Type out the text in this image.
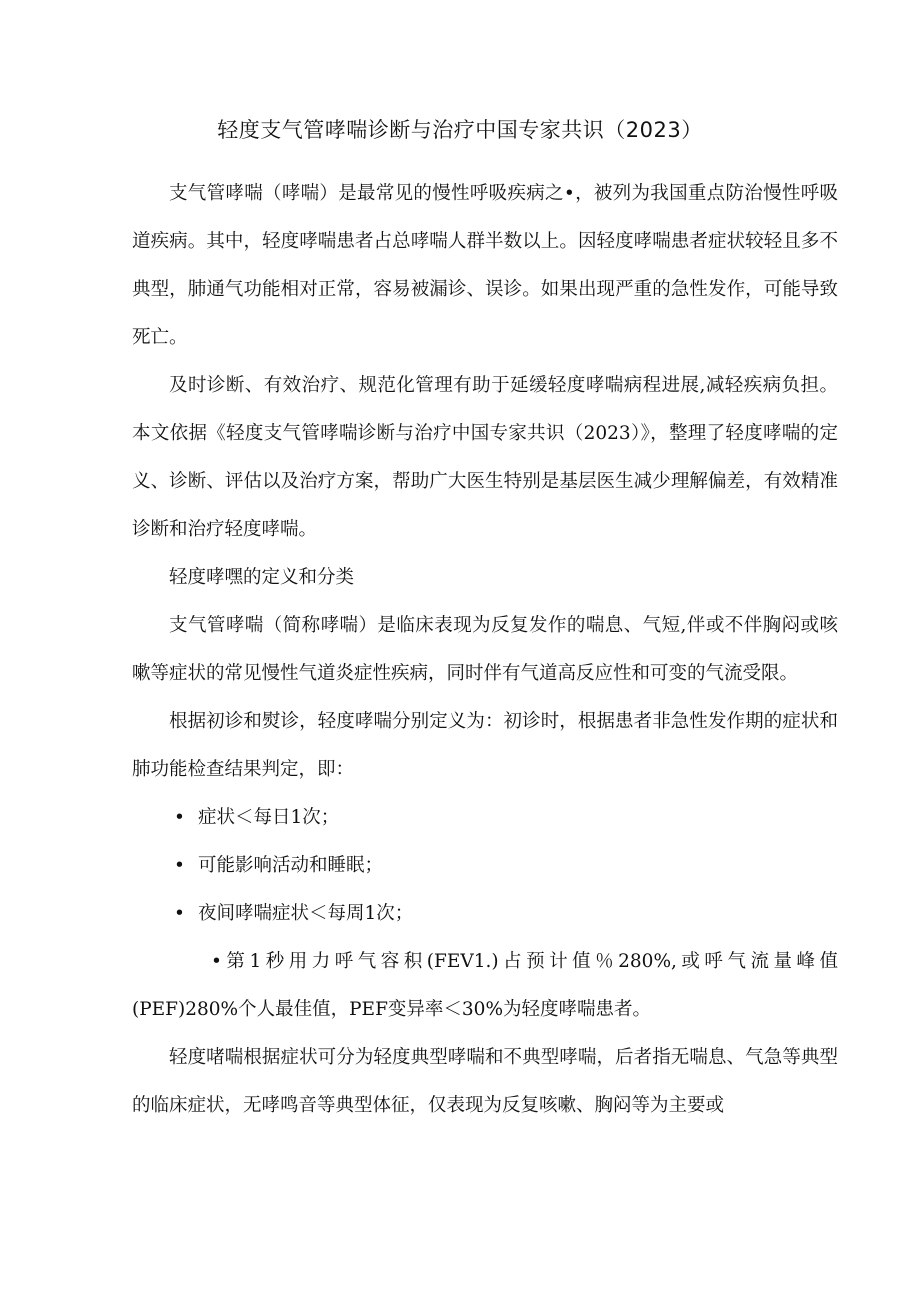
轻度支气管哮喘诊断与治疗中国专家共识（2023）

支气管哮喘（哮喘）是最常见的慢性呼吸疾病之•，被列为我国重点防治慢性呼吸道疾病。其中，轻度哮喘患者占总哮喘人群半数以上。因轻度哮喘患者症状较轻且多不典型，肺通气功能相对正常，容易被漏诊、误诊。如果出现严重的急性发作，可能导致死亡。

及时诊断、有效治疗、规范化管理有助于延缓轻度哮喘病程进展,减轻疾病负担。本文依据《轻度支气管哮喘诊断与治疗中国专家共识（2023）》，整理了轻度哮喘的定义、诊断、评估以及治疗方案，帮助广大医生特别是基层医生减少理解偏差，有效精准诊断和治疗轻度哮喘。

轻度哮嘿的定义和分类

支气管哮喘（简称哮喘）是临床表现为反复发作的喘息、气短,伴或不伴胸闷或咳嗽等症状的常见慢性气道炎症性疾病，同时伴有气道高反应性和可变的气流受限。

根据初诊和熨诊，轻度哮喘分别定义为：初诊时，根据患者非急性发作期的症状和肺功能检查结果判定，即：

• 症状＜每日1次；
• 可能影响活动和睡眠；
• 夜间哮喘症状＜每周1次；

•第1秒用力呼气容积(FEV1.)占预计值％280%,或呼气流量峰值(PEF)280%个人最佳值，PEF变异率＜30%为轻度哮喘患者。

轻度啫喘根据症状可分为轻度典型哮喘和不典型哮喘，后者指无喘息、气急等典型的临床症状，无哮鸣音等典型体征，仅表现为反复咳嗽、胸闷等为主要或
